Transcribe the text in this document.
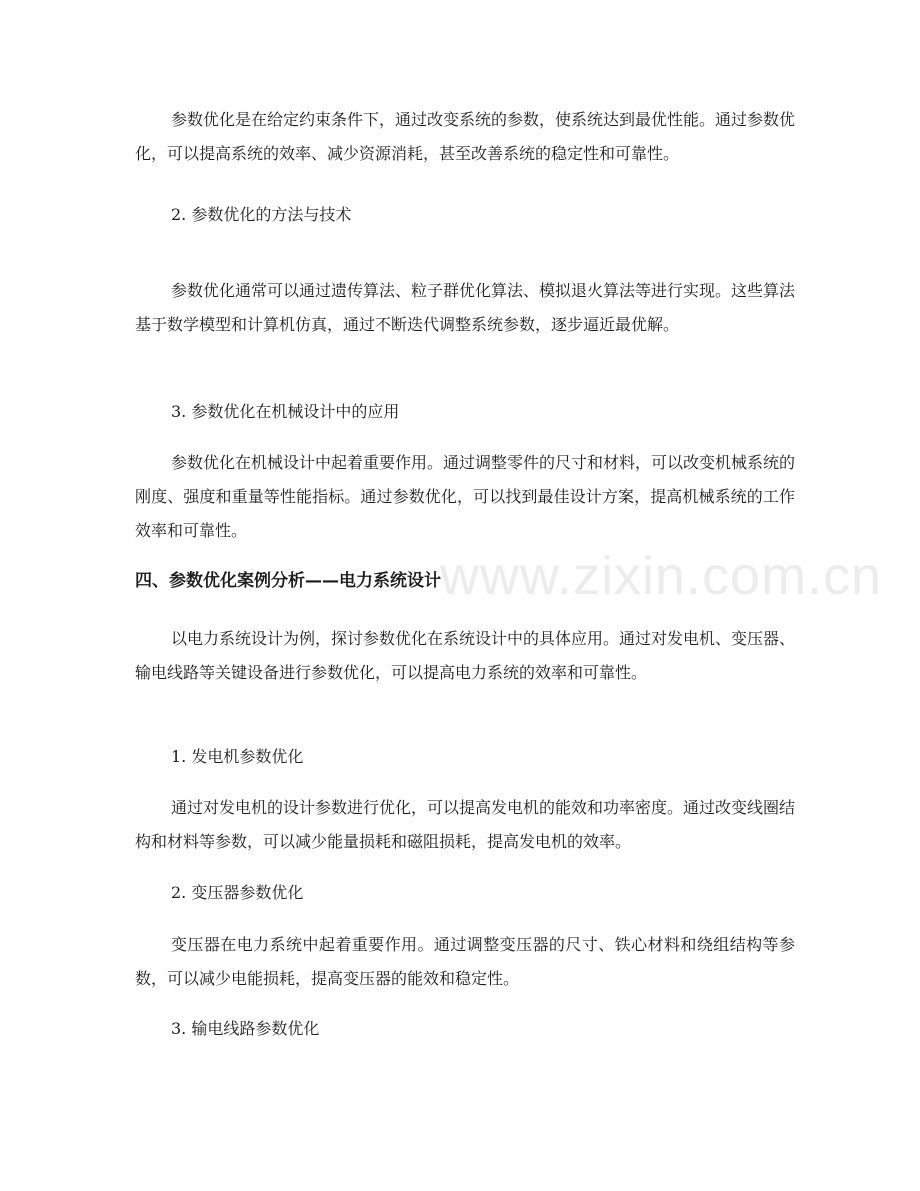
www.zixin.com.cn

参数优化是在给定约束条件下，通过改变系统的参数，使系统达到最优性能。通过参数优化，可以提高系统的效率、减少资源消耗，甚至改善系统的稳定性和可靠性。

2. 参数优化的方法与技术

参数优化通常可以通过遗传算法、粒子群优化算法、模拟退火算法等进行实现。这些算法基于数学模型和计算机仿真，通过不断迭代调整系统参数，逐步逼近最优解。

3. 参数优化在机械设计中的应用

参数优化在机械设计中起着重要作用。通过调整零件的尺寸和材料，可以改变机械系统的刚度、强度和重量等性能指标。通过参数优化，可以找到最佳设计方案，提高机械系统的工作效率和可靠性。

四、参数优化案例分析——电力系统设计

以电力系统设计为例，探讨参数优化在系统设计中的具体应用。通过对发电机、变压器、输电线路等关键设备进行参数优化，可以提高电力系统的效率和可靠性。

1. 发电机参数优化

通过对发电机的设计参数进行优化，可以提高发电机的能效和功率密度。通过改变线圈结构和材料等参数，可以减少能量损耗和磁阻损耗，提高发电机的效率。

2. 变压器参数优化

变压器在电力系统中起着重要作用。通过调整变压器的尺寸、铁心材料和绕组结构等参数，可以减少电能损耗，提高变压器的能效和稳定性。

3. 输电线路参数优化
